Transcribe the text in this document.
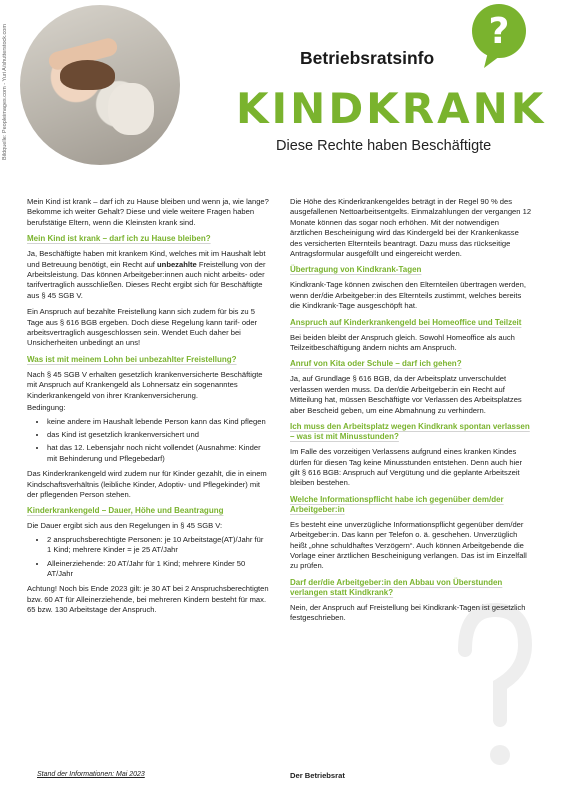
Bildquelle: Peopleimages.com - Yuri A/shutterstock.com	?
Betriebsratsinfo
KINDKRANK
Diese Rechte haben Beschäftigte

Mein Kind ist krank – darf ich zu Hause bleiben und wenn ja, wie lange? Bekomme ich weiter Gehalt? Diese und viele weitere Fragen haben berufstätige Eltern, wenn die Kleinsten krank sind.

Mein Kind ist krank – darf ich zu Hause bleiben?

Ja, Beschäftigte haben mit krankem Kind, welches mit im Haushalt lebt und Betreuung benötigt, ein Recht auf unbezahlte Freistellung von der Arbeitsleistung. Das können Arbeitgeber:innen auch nicht arbeits- oder tarifvertraglich ausschließen. Dieses Recht ergibt sich für Beschäftigte aus § 45 SGB V.

Ein Anspruch auf bezahlte Freistellung kann sich zudem für bis zu 5 Tage aus § 616 BGB ergeben. Doch diese Regelung kann tarif- oder arbeitsvertraglich ausgeschlossen sein. Wendet Euch daher bei Unsicherheiten unbedingt an uns!

Was ist mit meinem Lohn bei unbezahlter Freistellung?

Nach § 45 SGB V erhalten gesetzlich krankenversicherte Beschäftigte mit Anspruch auf Krankengeld als Lohnersatz ein sogenanntes Kinderkrankengeld von ihrer Krankenversicherung.

Bedingung:

• keine andere im Haushalt lebende Person kann das Kind pflegen
• das Kind ist gesetzlich krankenversichert und
• hat das 12. Lebensjahr noch nicht vollendet (Ausnahme: Kinder mit Behinderung und Pflegebedarf)

Das Kinderkrankengeld wird zudem nur für Kinder gezahlt, die in einem Kindschaftsverhältnis (leibliche Kinder, Adoptiv- und Pflegekinder) mit der pflegenden Person stehen.

Kinderkrankengeld – Dauer, Höhe und Beantragung

Die Dauer ergibt sich aus den Regelungen in § 45 SGB V:

• 2 anspruchsberechtigte Personen: je 10 Arbeitstage(AT)/Jahr für 1 Kind; mehrere Kinder = je 25 AT/Jahr
• Alleinerziehende: 20 AT/Jahr für 1 Kind; mehrere Kinder 50 AT/Jahr

Achtung! Noch bis Ende 2023 gilt: je 30 AT bei 2 Anspruchsberechtigten bzw. 60 AT für Alleinerziehende, bei mehreren Kindern besteht für max. 65 bzw. 130 Arbeitstage der Anspruch.

Die Höhe des Kinderkrankengeldes beträgt in der Regel 90 % des ausgefallenen Nettoarbeitsentgelts. Einmalzahlungen der vergangen 12 Monate können das sogar noch erhöhen. Mit der notwendigen ärztlichen Bescheinigung wird das Kindergeld bei der Krankenkasse des versicherten Elternteils beantragt. Dazu muss das rückseitige Antragsformular ausgefüllt und eingereicht werden.

Übertragung von Kindkrank-Tagen

Kindkrank-Tage können zwischen den Elternteilen übertragen werden, wenn der/die Arbeitgeber:in des Elternteils zustimmt, welches bereits die Kindkrank-Tage ausgeschöpft hat.

Anspruch auf Kinderkrankengeld bei Homeoffice und Teilzeit

Bei beiden bleibt der Anspruch gleich. Sowohl Homeoffice als auch Teilzeitbeschäftigung ändern nichts am Anspruch.

Anruf von Kita oder Schule – darf ich gehen?

Ja, auf Grundlage § 616 BGB, da der Arbeitsplatz unverschuldet verlassen werden muss. Da der/die Arbeitgeber:in ein Recht auf Mitteilung hat, müssen Beschäftigte vor Verlassen des Arbeitsplatzes aber Bescheid geben, um eine Abmahnung zu verhindern.

Ich muss den Arbeitsplatz wegen Kindkrank spontan verlassen – was ist mit Minusstunden?

Im Falle des vorzeitigen Verlassens aufgrund eines kranken Kindes dürfen für diesen Tag keine Minusstunden entstehen. Denn auch hier gilt § 616 BGB: Anspruch auf Vergütung und die geplante Arbeitszeit bleiben bestehen.

Welche Informationspflicht habe ich gegenüber dem/der Arbeitgeber:in

Es besteht eine unverzügliche Informationspflicht gegenüber dem/der Arbeitgeber:in. Das kann per Telefon o. ä. geschehen. Unverzüglich heißt „ohne schuldhaftes Verzögern“. Auch können Arbeitgebende die Vorlage einer ärztlichen Bescheinigung verlangen. Das ist im Einzelfall zu prüfen.

Darf der/die Arbeitgeber:in den Abbau von Überstunden verlangen statt Kindkrank?

Nein, der Anspruch auf Freistellung bei Kindkrank-Tagen ist gesetzlich festgeschrieben.

Stand der Informationen: Mai 2023	Der Betriebsrat
